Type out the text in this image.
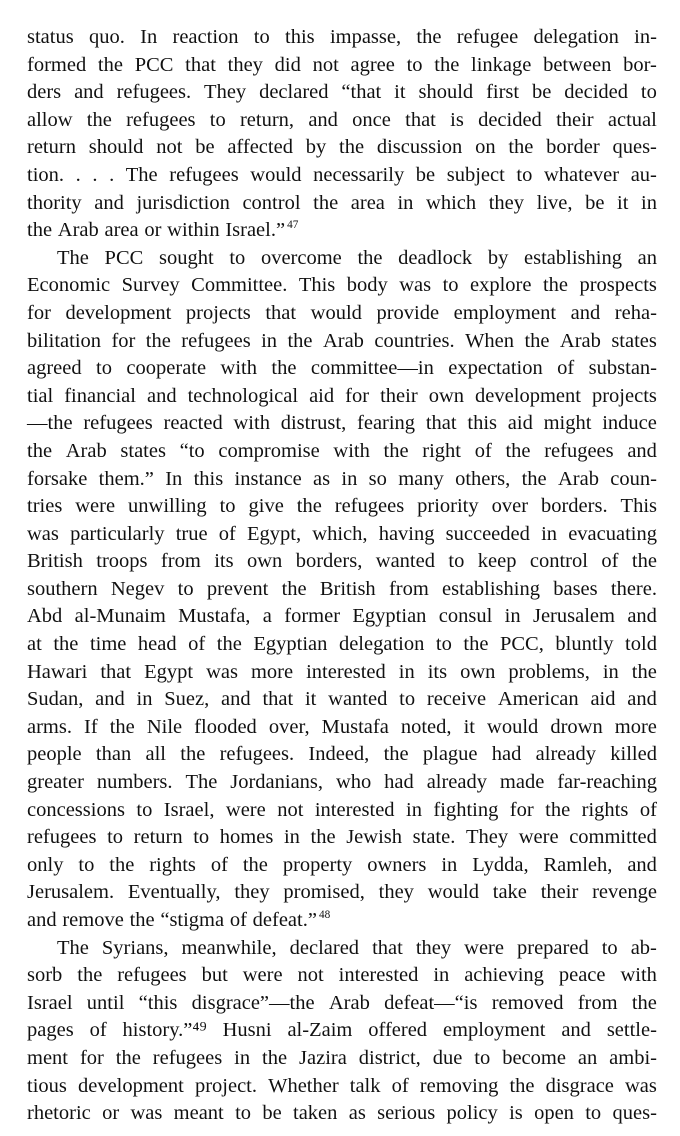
status quo. In reaction to this impasse, the refugee delegation in-
formed the PCC that they did not agree to the linkage between bor-
ders and refugees. They declared “that it should first be decided to
allow the refugees to return, and once that is decided their actual
return should not be affected by the discussion on the border ques-
tion. . . . The refugees would necessarily be subject to whatever au-
thority and jurisdiction control the area in which they live, be it in
the Arab area or within Israel.” $^{47}$
The PCC sought to overcome the deadlock by establishing an
Economic Survey Committee. This body was to explore the prospects
for development projects that would provide employment and reha-
bilitation for the refugees in the Arab countries. When the Arab states
agreed to cooperate with the committee—in expectation of substan-
tial financial and technological aid for their own development projects
—the refugees reacted with distrust, fearing that this aid might induce
the Arab states “to compromise with the right of the refugees and
forsake them.” In this instance as in so many others, the Arab coun-
tries were unwilling to give the refugees priority over borders. This
was particularly true of Egypt, which, having succeeded in evacuating
British troops from its own borders, wanted to keep control of the
southern Negev to prevent the British from establishing bases there.
Abd al-Munaim Mustafa, a former Egyptian consul in Jerusalem and
at the time head of the Egyptian delegation to the PCC, bluntly told
Hawari that Egypt was more interested in its own problems, in the
Sudan, and in Suez, and that it wanted to receive American aid and
arms. If the Nile flooded over, Mustafa noted, it would drown more
people than all the refugees. Indeed, the plague had already killed
greater numbers. The Jordanians, who had already made far-reaching
concessions to Israel, were not interested in fighting for the rights of
refugees to return to homes in the Jewish state. They were committed
only to the rights of the property owners in Lydda, Ramleh, and
Jerusalem. Eventually, they promised, they would take their revenge
and remove the “stigma of defeat.” $^{48}$
The Syrians, meanwhile, declared that they were prepared to ab-
sorb the refugees but were not interested in achieving peace with
Israel until “this disgrace”—the Arab defeat—“is removed from the
pages of history.”⁴⁹ Husni al-Zaim offered employment and settle-
ment for the refugees in the Jazira district, due to become an ambi-
tious development project. Whether talk of removing the disgrace was
rhetoric or was meant to be taken as serious policy is open to ques-
